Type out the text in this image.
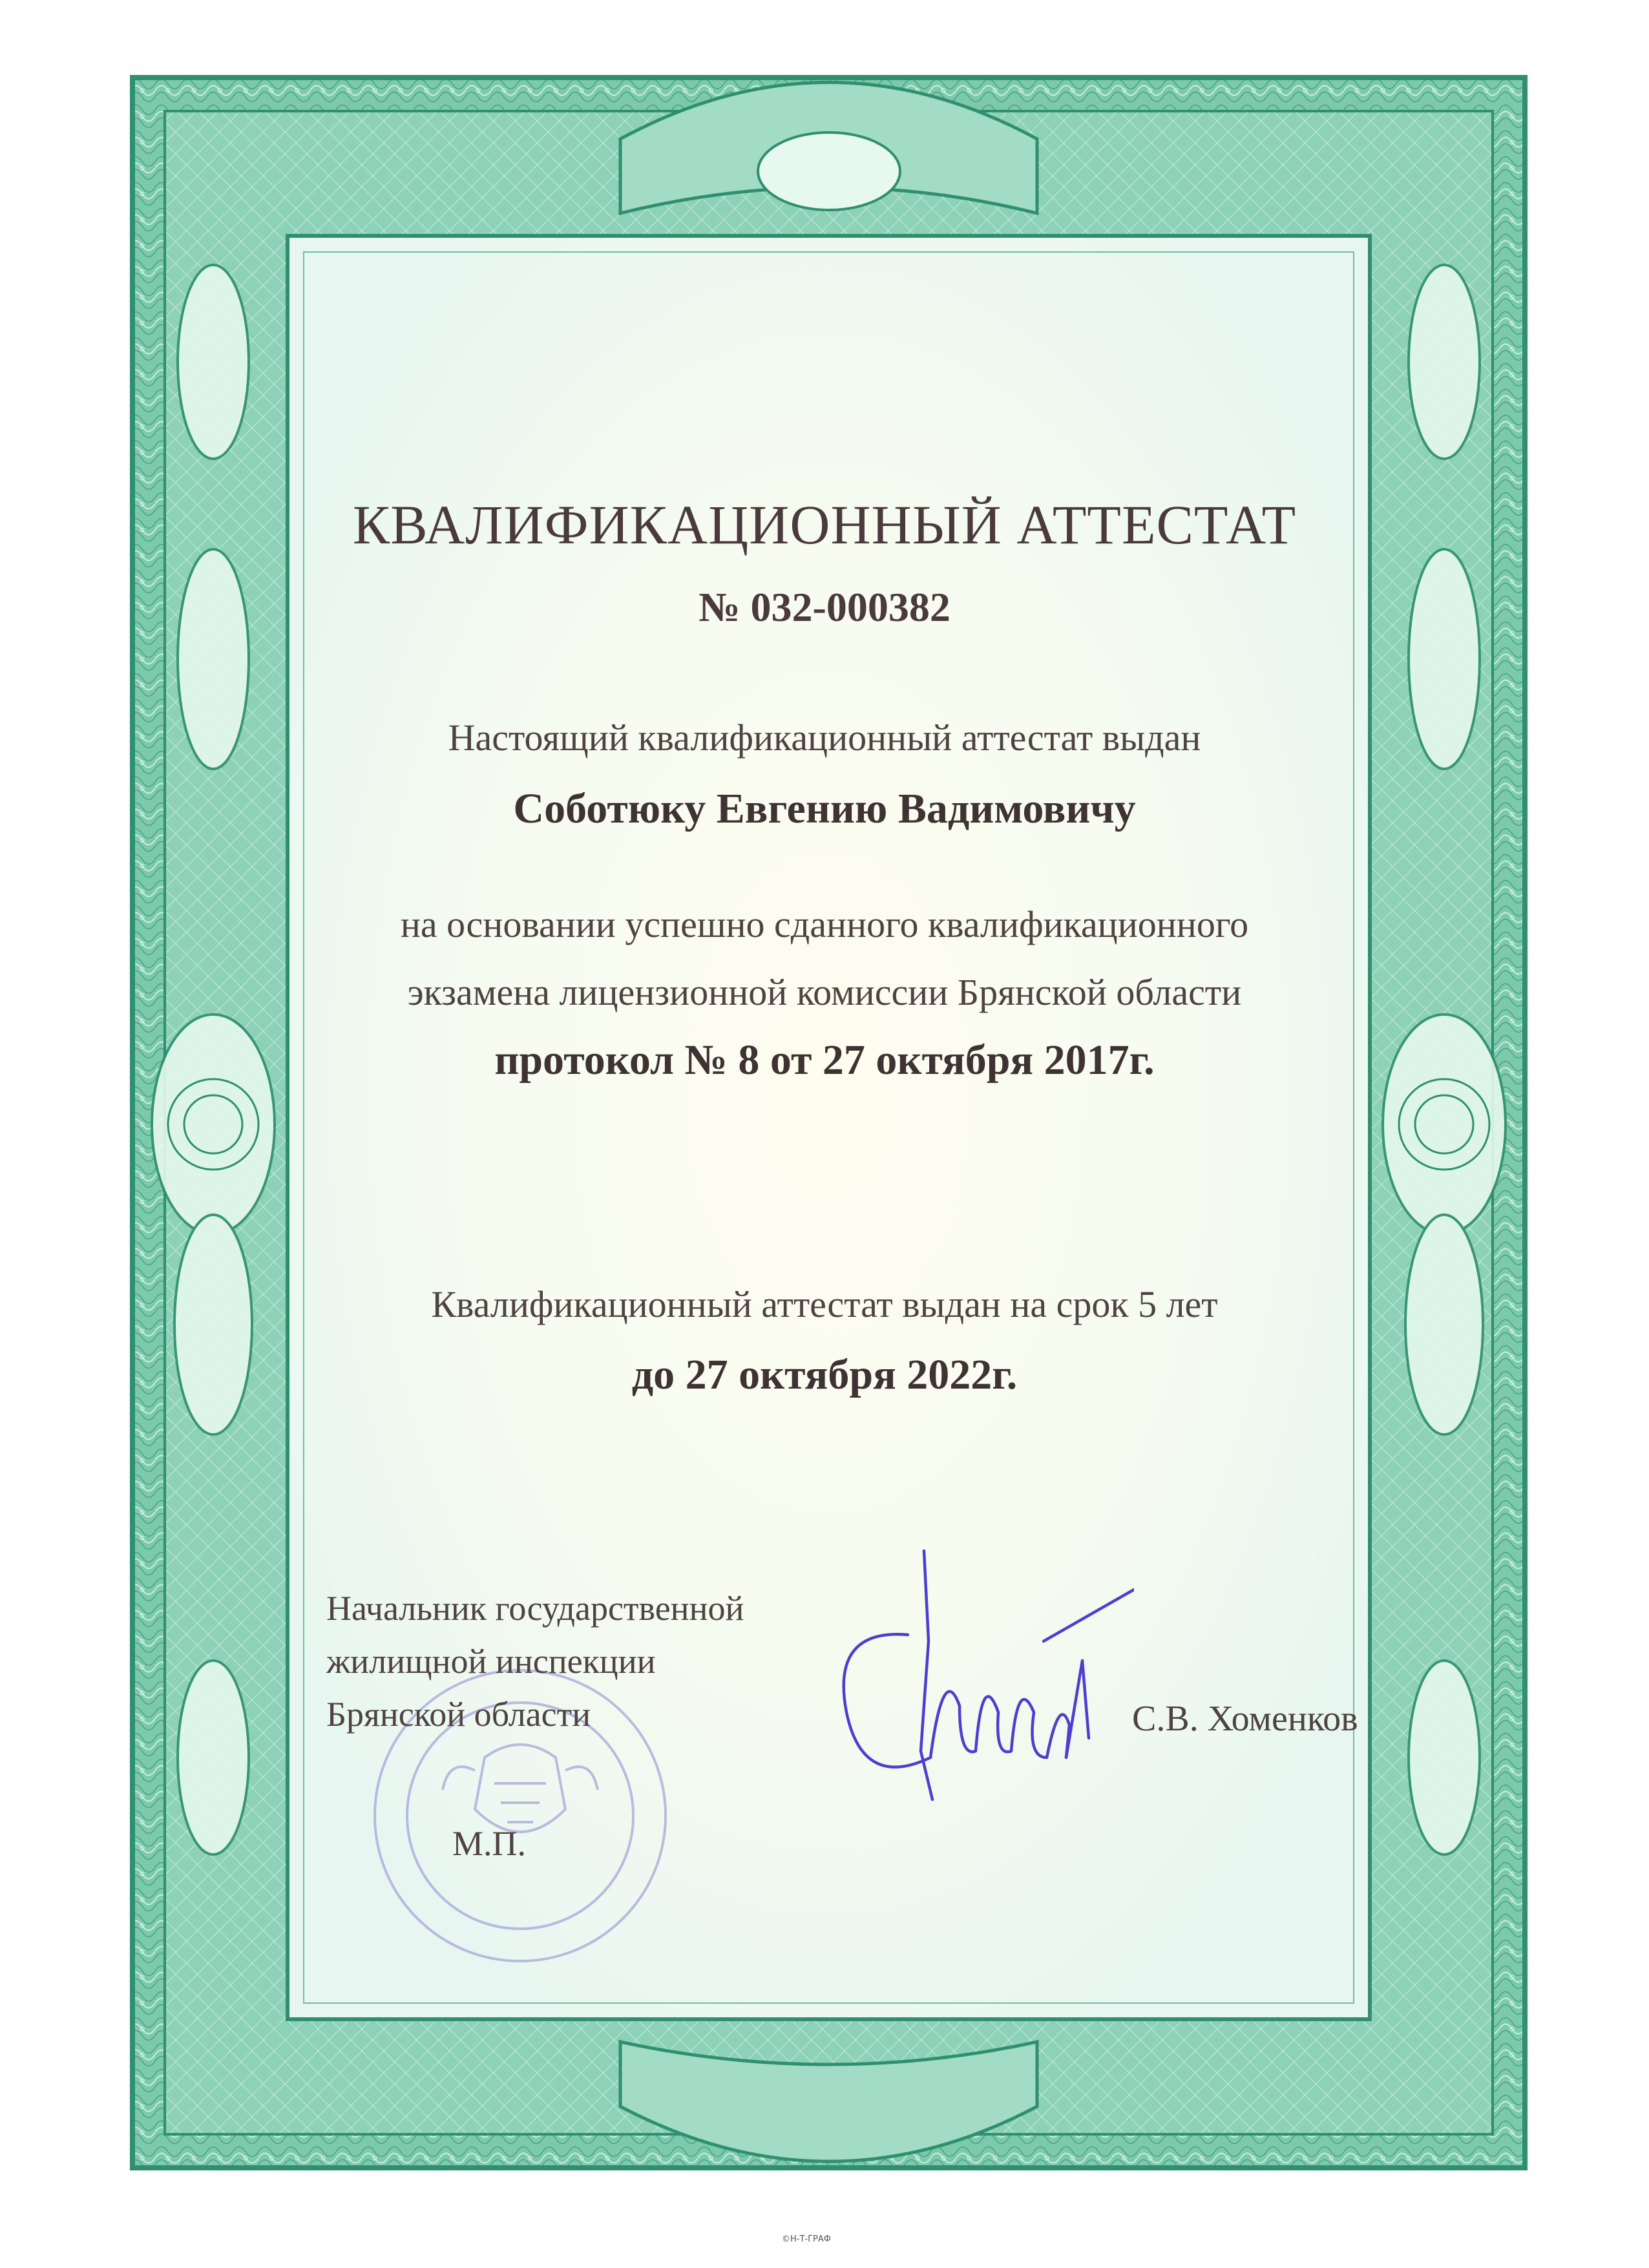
КВАЛИФИКАЦИОННЫЙ АТТЕСТАТ
№ 032-000382
Настоящий квалификационный аттестат выдан
Соботюку Евгению Вадимовичу
на основании успешно сданного квалификационного
экзамена лицензионной комиссии Брянской области
протокол № 8 от 27 октября 2017г.
Квалификационный аттестат выдан на срок 5 лет
до 27 октября 2022г.
Начальник государственной
жилищной инспекции
Брянской области	С.В. Хоменков
М.П.
©Н-Т-ГРАФ
